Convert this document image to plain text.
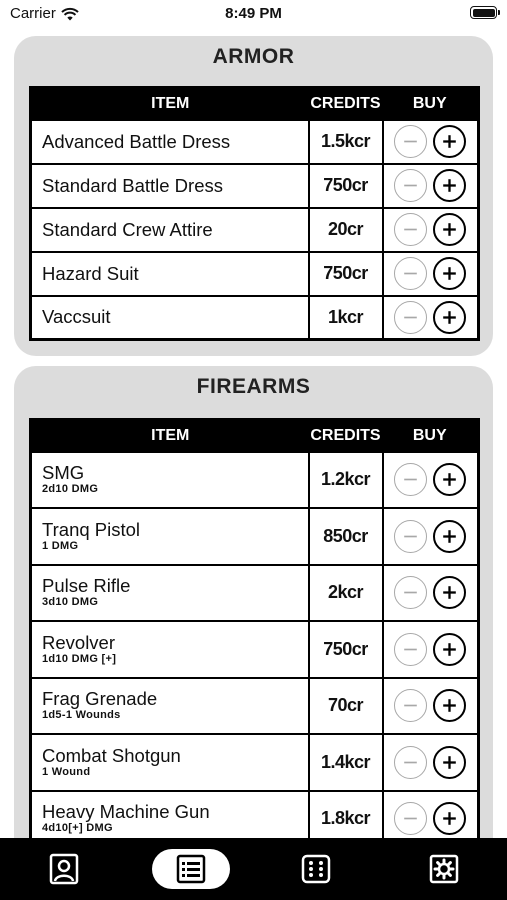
Carrier	8:49 PM
ARMOR
ITEM	CREDITS	BUY

Advanced Battle Dress	1.5kcr	

Standard Battle Dress	750cr	

Standard Crew Attire	20cr	

Hazard Suit	750cr	

Vaccsuit	1kcr	
FIREARMS
ITEM	CREDITS	BUY

SMG
2d10 DMG	1.2kcr	

Tranq Pistol
1 DMG	850cr	

Pulse Rifle
3d10 DMG	2kcr	

Revolver
1d10 DMG [+]	750cr	

Frag Grenade
1d5-1 Wounds	70cr	

Combat Shotgun
1 Wound	1.4kcr	

Heavy Machine Gun
4d10[+] DMG	1.8kcr	
